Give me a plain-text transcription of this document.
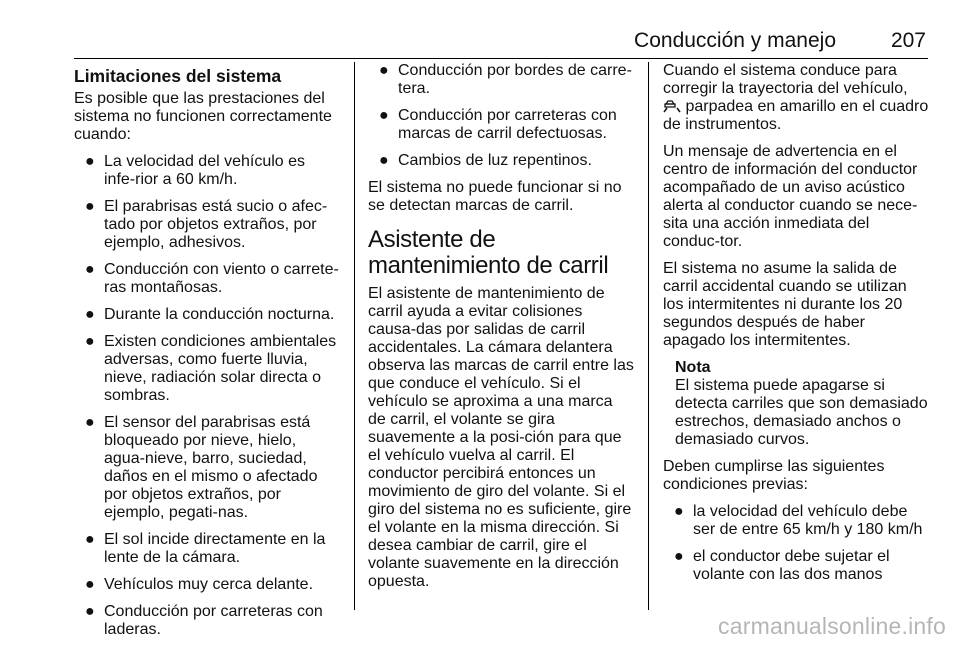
Conducción y manejo	207
Limitaciones del sistema

Es posible que las prestaciones del sistema no funcionen correctamente cuando:

● La velocidad del vehículo es infe-rior a 60 km/h.
● El parabrisas está sucio o afec-tado por objetos extraños, por ejemplo, adhesivos.
● Conducción con viento o carrete-ras montañosas.
● Durante la conducción nocturna.
● Existen condiciones ambientales adversas, como fuerte lluvia, nieve, radiación solar directa o sombras.
● El sensor del parabrisas está bloqueado por nieve, hielo, agua-nieve, barro, suciedad, daños en el mismo o afectado por objetos extraños, por ejemplo, pegati-nas.
● El sol incide directamente en la lente de la cámara.
● Vehículos muy cerca delante.
● Conducción por carreteras con laderas.
● Conducción por bordes de carre-tera.
● Conducción por carreteras con marcas de carril defectuosas.
● Cambios de luz repentinos.

El sistema no puede funcionar si no se detectan marcas de carril.

Asistente de mantenimiento de carril

El asistente de mantenimiento de carril ayuda a evitar colisiones causa-das por salidas de carril accidentales. La cámara delantera observa las marcas de carril entre las que conduce el vehículo. Si el vehículo se aproxima a una marca de carril, el volante se gira suavemente a la posi-ción para que el vehículo vuelva al carril. El conductor percibirá entonces un movimiento de giro del volante. Si el giro del sistema no es suficiente, gire el volante en la misma dirección. Si desea cambiar de carril, gire el volante suavemente en la dirección opuesta.

Cuando el sistema conduce para corregir la trayectoria del vehículo,
parpadea en amarillo en el cuadro de instrumentos.

Un mensaje de advertencia en el centro de información del conductor acompañado de un aviso acústico alerta al conductor cuando se nece-sita una acción inmediata del conduc-tor.

El sistema no asume la salida de carril accidental cuando se utilizan los intermitentes ni durante los 20 segundos después de haber apagado los intermitentes.

Nota
El sistema puede apagarse si detecta carriles que son demasiado estrechos, demasiado anchos o demasiado curvos.

Deben cumplirse las siguientes condiciones previas:

● la velocidad del vehículo debe ser de entre 65 km/h y 180 km/h
● el conductor debe sujetar el volante con las dos manos
carmanualsonline.info
